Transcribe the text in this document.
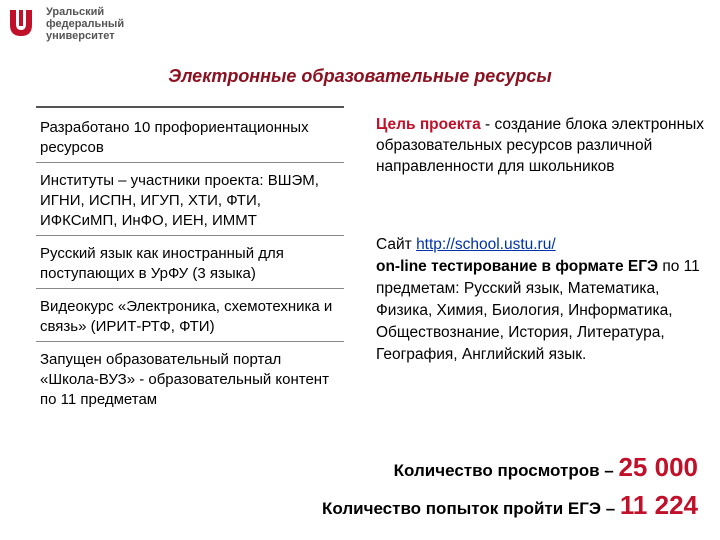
Уральский
федеральный
университет
Электронные образовательные ресурсы
Разработано 10 профориентационных ресурсов
Институты – участники проекта: ВШЭМ, ИГНИ, ИСПН, ИГУП, ХТИ, ФТИ, ИФКСиМП, ИнФО, ИЕН, ИММТ
Русский язык как иностранный для поступающих в УрФУ (3 языка)
Видеокурс «Электроника, схемотехника и связь» (ИРИТ-РТФ, ФТИ)
Запущен образовательный портал «Школа-ВУЗ» - образовательный контент по 11 предметам
Цель проекта - создание блока электронных образовательных ресурсов различной направленности для школьников
Сайт http://school.ustu.ru/
on-line тестирование в формате ЕГЭ по 11 предметам: Русский язык, Математика, Физика, Химия, Биология, Информатика, Обществознание, История, Литература, География, Английский язык.
Количество просмотров – 25 000
Количество попыток пройти ЕГЭ – 11 224
